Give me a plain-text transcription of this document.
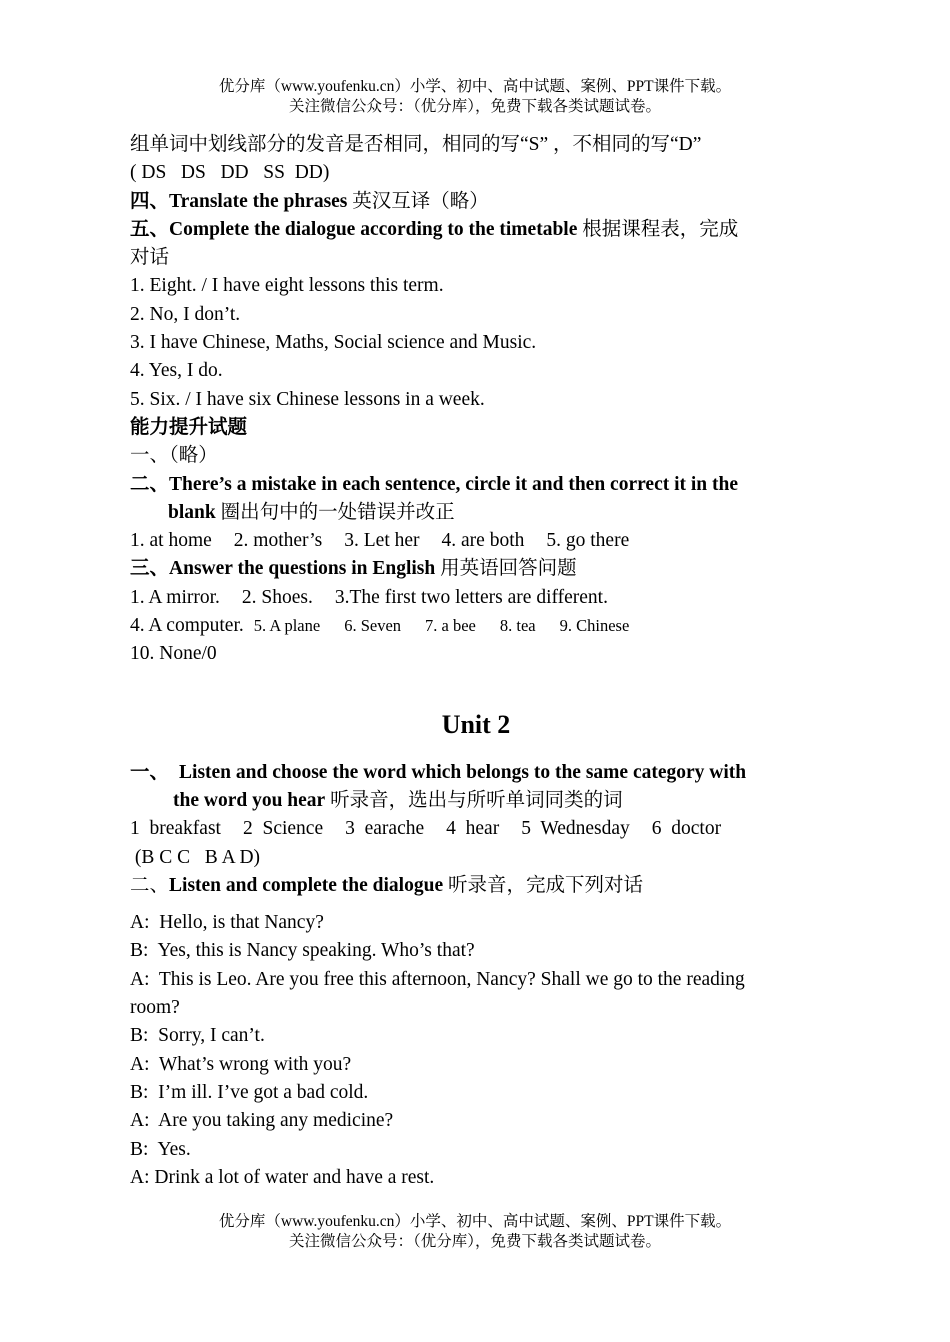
优分库（www.youfenku.cn）小学、初中、高中试题、案例、PPT课件下载。
关注微信公众号：（优分库），免费下载各类试题试卷。
组单词中划线部分的发音是否相同，相同的写“S” ，不相同的写“D”
( DS   DS   DD   SS  DD)
四、Translate the phrases 英汉互译（略）
五、Complete the dialogue according to the timetable 根据课程表，完成
对话
1. Eight. / I have eight lessons this term.
2. No, I don’t.
3. I have Chinese, Maths, Social science and Music.
4. Yes, I do.
5. Six. / I have six Chinese lessons in a week.
能力提升试题
一、（略）
二、There’s a mistake in each sentence, circle it and then correct it in the
blank 圈出句中的一处错误并改正
1. at home 2. mother’s 3. Let her 4. are both 5. go there
三、Answer the questions in English 用英语回答问题
1. A mirror. 2. Shoes. 3.The first two letters are different.
4. A computer. 5. A plane 6. Seven 7. a bee 8. tea 9. Chinese
10. None/0
Unit 2
一、 Listen and choose the word which belongs to the same category with
the word you hear 听录音，选出与所听单词同类的词
1  breakfast 2  Science 3  earache 4  hear 5  Wednesday 6  doctor
(B C C   B A D)
二、Listen and complete the dialogue 听录音，完成下列对话
A:  Hello, is that Nancy?
B:  Yes, this is Nancy speaking. Who’s that?
A:  This is Leo. Are you free this afternoon, Nancy? Shall we go to the reading
room?
B:  Sorry, I can’t.
A:  What’s wrong with you?
B:  I’m ill. I’ve got a bad cold.
A:  Are you taking any medicine?
B:  Yes.
A: Drink a lot of water and have a rest.
优分库（www.youfenku.cn）小学、初中、高中试题、案例、PPT课件下载。
关注微信公众号：（优分库），免费下载各类试题试卷。
